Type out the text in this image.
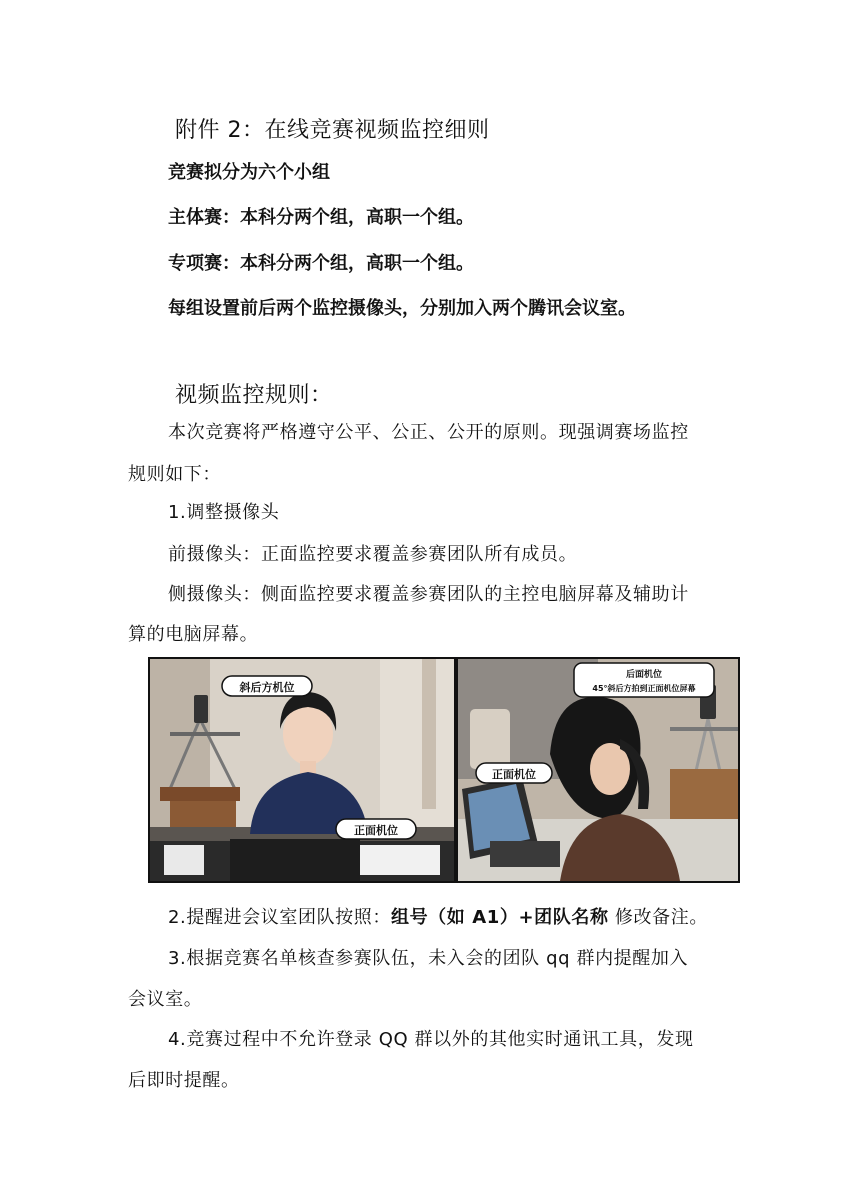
附件 2：在线竞赛视频监控细则
竞赛拟分为六个小组
主体赛：本科分两个组，高职一个组。
专项赛：本科分两个组，高职一个组。
每组设置前后两个监控摄像头，分别加入两个腾讯会议室。
视频监控规则：
本次竞赛将严格遵守公平、公正、公开的原则。现强调赛场监控
规则如下：
1.调整摄像头
前摄像头：正面监控要求覆盖参赛团队所有成员。
侧摄像头：侧面监控要求覆盖参赛团队的主控电脑屏幕及辅助计
算的电脑屏幕。
斜后方机位
正面机位
后面机位
45°斜后方拍到正面机位屏幕
正面机位
2.提醒进会议室团队按照：组号（如 A1）+团队名称 修改备注。
3.根据竞赛名单核查参赛队伍，未入会的团队 qq 群内提醒加入
会议室。
4.竞赛过程中不允许登录 QQ 群以外的其他实时通讯工具，发现
后即时提醒。
